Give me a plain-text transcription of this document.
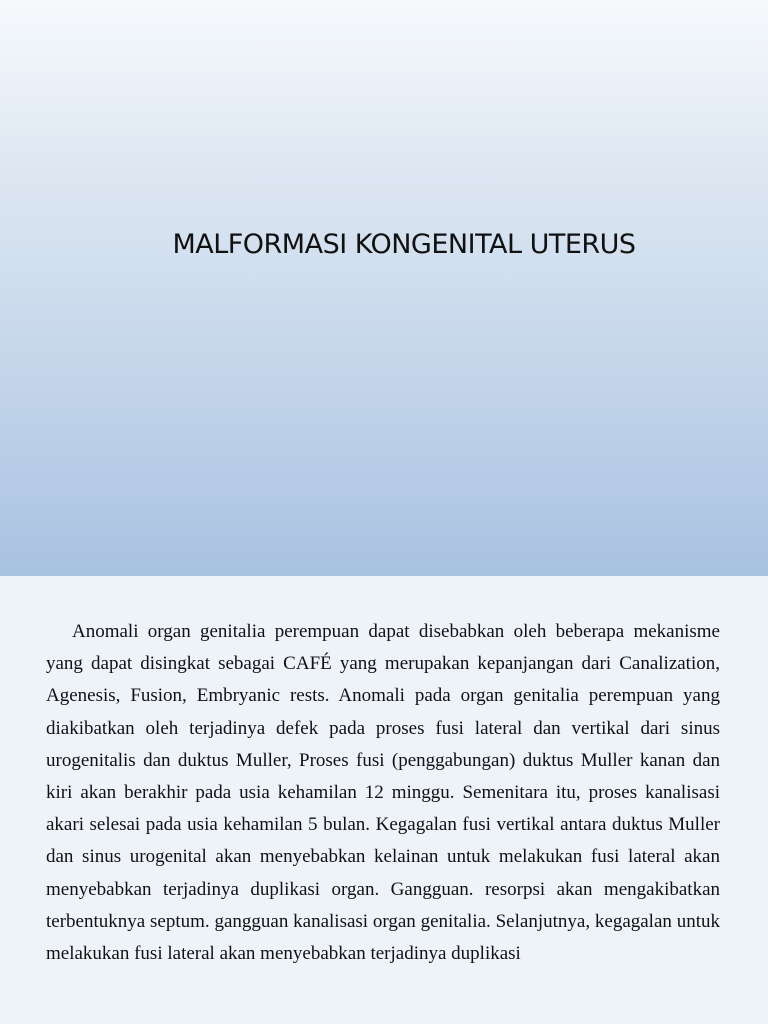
MALFORMASI KONGENITAL UTERUS

Anomali organ genitalia perempuan dapat disebabkan oleh beberapa mekanisme yang dapat disingkat sebagai CAFÉ yang merupakan kepanjangan dari Canalization, Agenesis, Fusion, Embryanic rests. Anomali pada organ genitalia perempuan yang diakibatkan oleh terjadinya defek pada proses fusi lateral dan vertikal dari sinus urogenitalis dan duktus Muller, Proses fusi (penggabungan) duktus Muller kanan dan kiri akan berakhir pada usia kehamilan 12 minggu. Semenitara itu, proses kanalisasi akari selesai pada usia kehamilan 5 bulan. Kegagalan fusi vertikal antara duktus Muller dan sinus urogenital akan menyebabkan kelainan untuk melakukan fusi lateral akan menyebabkan terjadinya duplikasi organ. Gangguan. resorpsi akan mengakibatkan terbentuknya septum. gangguan kanalisasi organ genitalia. Selanjutnya, kegagalan untuk melakukan fusi lateral akan menyebabkan terjadinya duplikasi
